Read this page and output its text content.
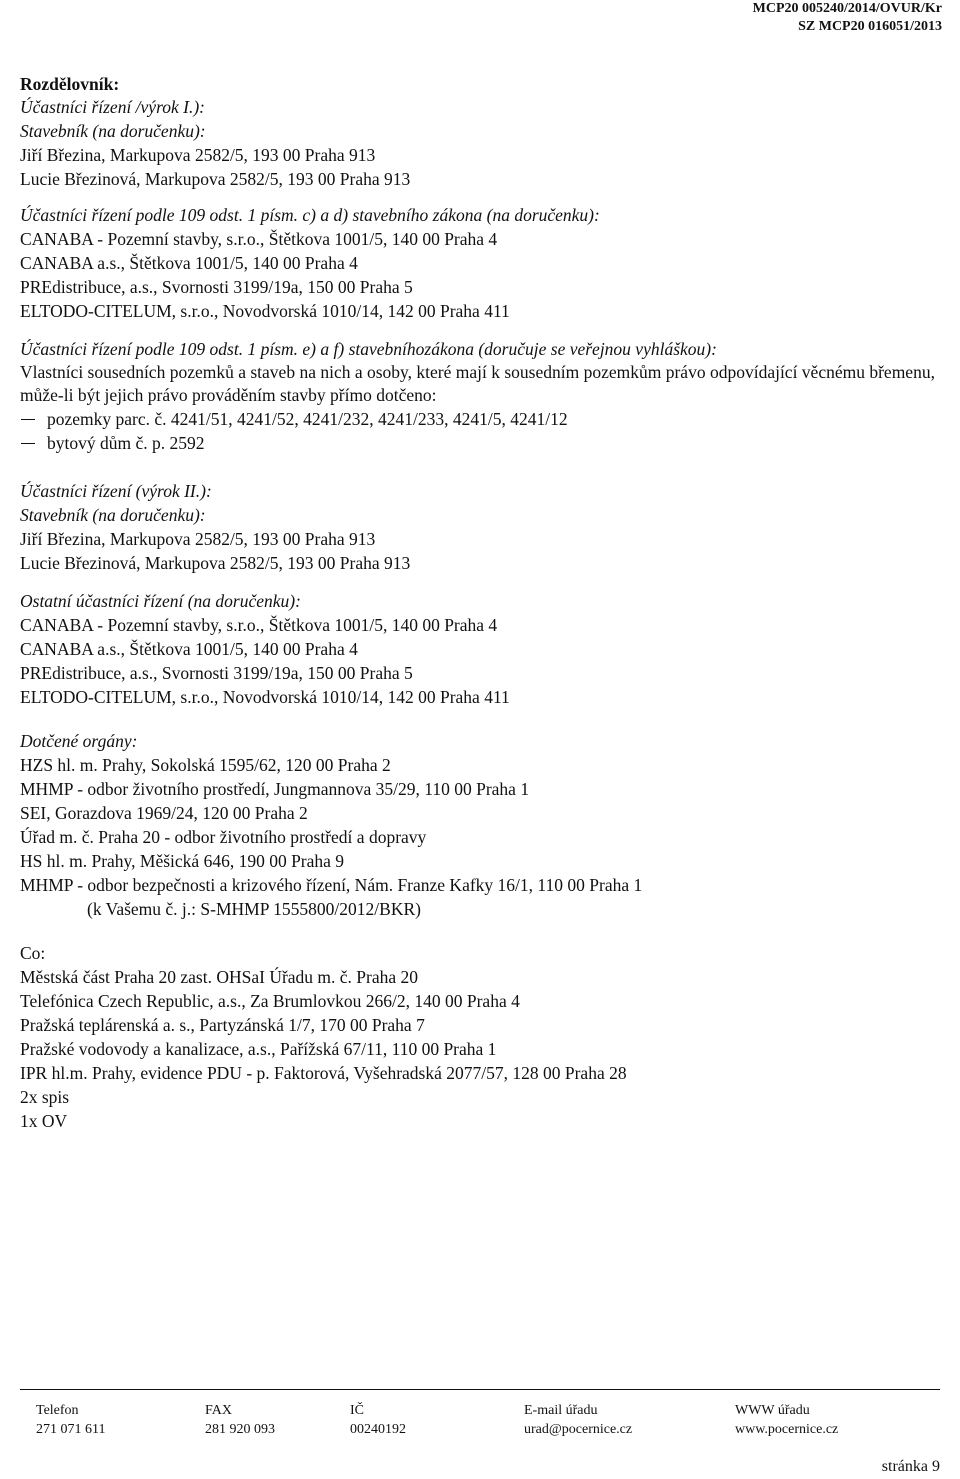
MCP20 005240/2014/OVUR/Kr
SZ MCP20 016051/2013
Rozdělovník:
Účastníci řízení /výrok I.):
Stavebník (na doručenku):
Jiří Březina, Markupova 2582/5, 193 00 Praha 913
Lucie Březinová, Markupova 2582/5, 193 00 Praha 913
Účastníci řízení podle 109 odst. 1 písm. c) a d) stavebního zákona (na doručenku):
CANABA - Pozemní stavby, s.r.o., Štětkova 1001/5, 140 00 Praha 4
CANABA a.s., Štětkova 1001/5, 140 00 Praha 4
PREdistribuce, a.s., Svornosti 3199/19a, 150 00 Praha 5
ELTODO-CITELUM, s.r.o., Novodvorská 1010/14, 142 00 Praha 411
Účastníci řízení podle 109 odst. 1 písm. e) a f) stavebníhozákona (doručuje se veřejnou vyhláškou):
Vlastníci sousedních pozemků a staveb na nich a osoby, které mají k sousedním pozemkům právo odpovídající věcnému břemenu, může-li být jejich právo prováděním stavby přímo dotčeno:
pozemky parc. č. 4241/51, 4241/52, 4241/232, 4241/233, 4241/5, 4241/12
bytový dům č. p. 2592
Účastníci řízení (výrok II.):
Stavebník (na doručenku):
Jiří Březina, Markupova 2582/5, 193 00 Praha 913
Lucie Březinová, Markupova 2582/5, 193 00 Praha 913
Ostatní účastníci řízení (na doručenku):
CANABA - Pozemní stavby, s.r.o., Štětkova 1001/5, 140 00 Praha 4
CANABA a.s., Štětkova 1001/5, 140 00 Praha 4
PREdistribuce, a.s., Svornosti 3199/19a, 150 00 Praha 5
ELTODO-CITELUM, s.r.o., Novodvorská 1010/14, 142 00 Praha 411
Dotčené orgány:
HZS hl. m. Prahy, Sokolská 1595/62, 120 00 Praha 2
MHMP - odbor životního prostředí, Jungmannova 35/29, 110 00 Praha 1
SEI, Gorazdova 1969/24, 120 00 Praha 2
Úřad m. č. Praha 20 - odbor životního prostředí a dopravy
HS hl. m. Prahy, Měšická 646, 190 00 Praha 9
MHMP - odbor bezpečnosti a krizového řízení, Nám. Franze Kafky 16/1, 110 00 Praha 1
(k Vašemu č. j.: S-MHMP 1555800/2012/BKR)
Co:
Městská část Praha 20 zast. OHSaI Úřadu m. č. Praha 20
Telefónica Czech Republic, a.s., Za Brumlovkou 266/2, 140 00 Praha 4
Pražská teplárenská a. s., Partyzánská 1/7, 170 00 Praha 7
Pražské vodovody a kanalizace, a.s., Pařížská 67/11, 110 00 Praha 1
IPR hl.m. Prahy, evidence PDU - p. Faktorová, Vyšehradská 2077/57, 128 00 Praha 28
2x spis
1x OV
Telefon
271 071 611
FAX
281 920 093
IČ
00240192
E-mail úřadu
urad@pocernice.cz
WWW úřadu
www.pocernice.cz
stránka 9
